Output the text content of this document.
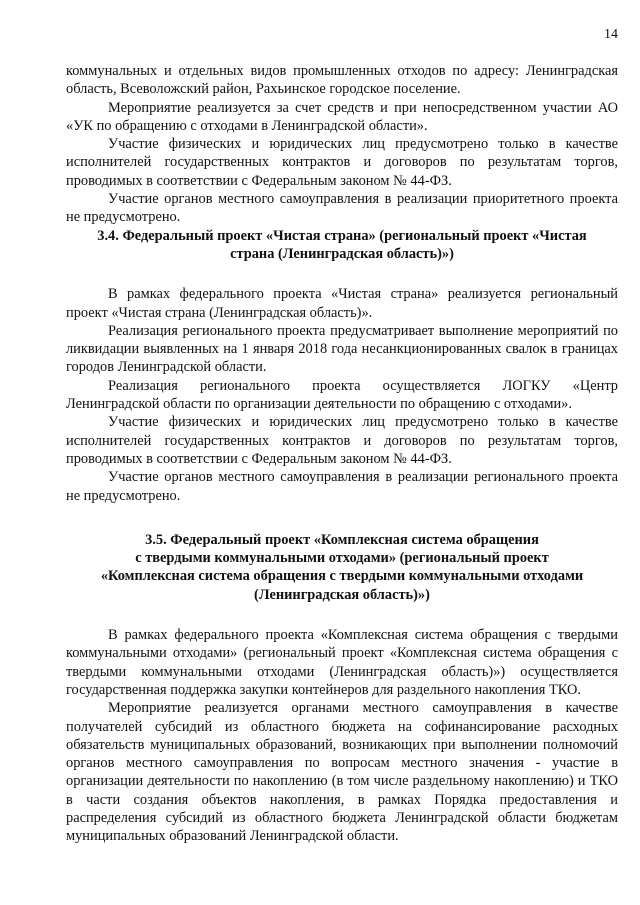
14

коммунальных и отдельных видов промышленных отходов по адресу: Ленинградская область, Всеволожский район, Рахьинское городское поселение.

Мероприятие реализуется за счет средств и при непосредственном участии АО «УК по обращению с отходами в Ленинградской области».

Участие физических и юридических лиц предусмотрено только в качестве исполнителей государственных контрактов и договоров по результатам торгов, проводимых в соответствии с Федеральным законом № 44-ФЗ.

Участие органов местного самоуправления в реализации приоритетного проекта не предусмотрено.

3.4. Федеральный проект «Чистая страна» (региональный проект «Чистая
страна (Ленинградская область)»)

В рамках федерального проекта «Чистая страна» реализуется региональный проект «Чистая страна (Ленинградская область)».

Реализация регионального проекта предусматривает выполнение мероприятий по ликвидации выявленных на 1 января 2018 года несанкционированных свалок в границах городов Ленинградской области.

Реализация регионального проекта осуществляется ЛОГКУ «Центр Ленинградской области по организации деятельности по обращению с отходами».

Участие физических и юридических лиц предусмотрено только в качестве исполнителей государственных контрактов и договоров по результатам торгов, проводимых в соответствии с Федеральным законом № 44-ФЗ.

Участие органов местного самоуправления в реализации регионального проекта не предусмотрено.

3.5. Федеральный проект «Комплексная система обращения
с твердыми коммунальными отходами» (региональный проект
«Комплексная система обращения с твердыми коммунальными отходами
(Ленинградская область)»)

В рамках федерального проекта «Комплексная система обращения с твердыми коммунальными отходами» (региональный проект «Комплексная система обращения с твердыми коммунальными отходами (Ленинградская область)») осуществляется государственная поддержка закупки контейнеров для раздельного накопления ТКО.

Мероприятие реализуется органами местного самоуправления в качестве получателей субсидий из областного бюджета на софинансирование расходных обязательств муниципальных образований, возникающих при выполнении полномочий органов местного самоуправления по вопросам местного значения - участие в организации деятельности по накоплению (в том числе раздельному накоплению) и ТКО в части создания объектов накопления, в рамках Порядка предоставления и распределения субсидий из областного бюджета Ленинградской области бюджетам муниципальных образований Ленинградской области.
